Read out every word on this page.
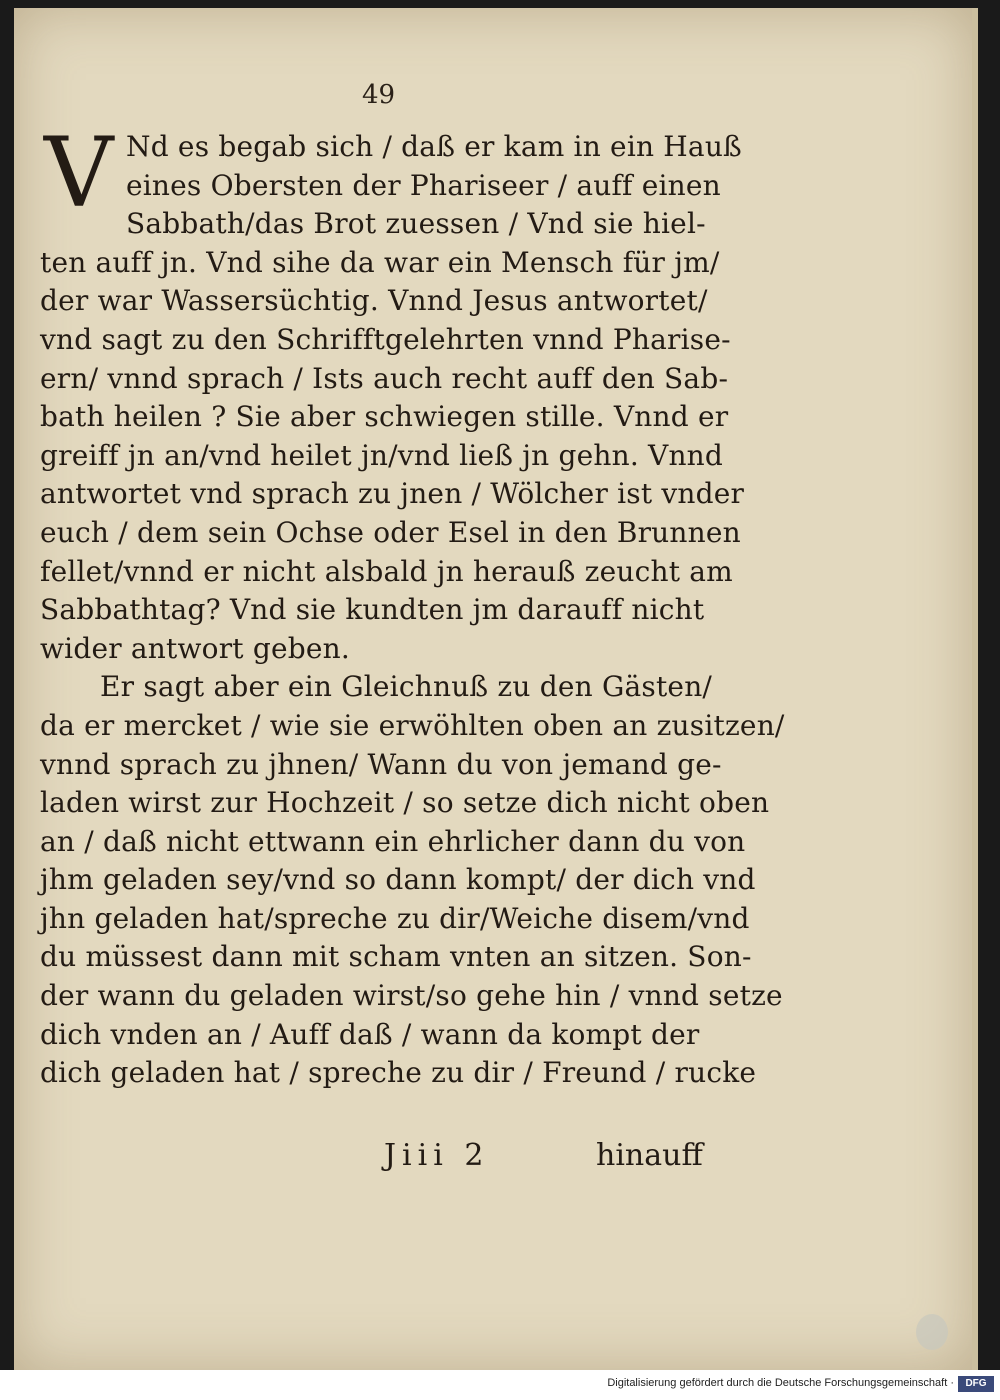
49
V Nd es begab sich / daß er kam in ein Hauß
eines Obersten der Phariseer / auff einen
Sabbath/das Brot zuessen / Vnd sie hiel-
ten auff jn. Vnd sihe da war ein Mensch für jm/
der war Wassersüchtig. Vnnd Jesus antwortet/
vnd sagt zu den Schrifftgelehrten vnnd Pharise-
ern/ vnnd sprach / Ists auch recht auff den Sab-
bath heilen ? Sie aber schwiegen stille. Vnnd er
greiff jn an/vnd heilet jn/vnd ließ jn gehn. Vnnd
antwortet vnd sprach zu jnen / Wölcher ist vnder
euch / dem sein Ochse oder Esel in den Brunnen
fellet/vnnd er nicht alsbald jn herauß zeucht am
Sabbathtag? Vnd sie kundten jm darauff nicht
wider antwort geben.
Er sagt aber ein Gleichnuß zu den Gästen/
da er mercket / wie sie erwöhlten oben an zusitzen/
vnnd sprach zu jhnen/ Wann du von jemand ge-
laden wirst zur Hochzeit / so setze dich nicht oben
an / daß nicht ettwann ein ehrlicher dann du von
jhm geladen sey/vnd so dann kompt/ der dich vnd
jhn geladen hat/spreche zu dir/Weiche disem/vnd
du müssest dann mit scham vnten an sitzen. Son-
der wann du geladen wirst/so gehe hin / vnnd setze
dich vnden an / Auff daß / wann da kompt der
dich geladen hat / spreche zu dir / Freund / rucke
Jiii 2	hinauff
Digitalisierung gefördert durch die Deutsche Forschungsgemeinschaft ·	DFG
